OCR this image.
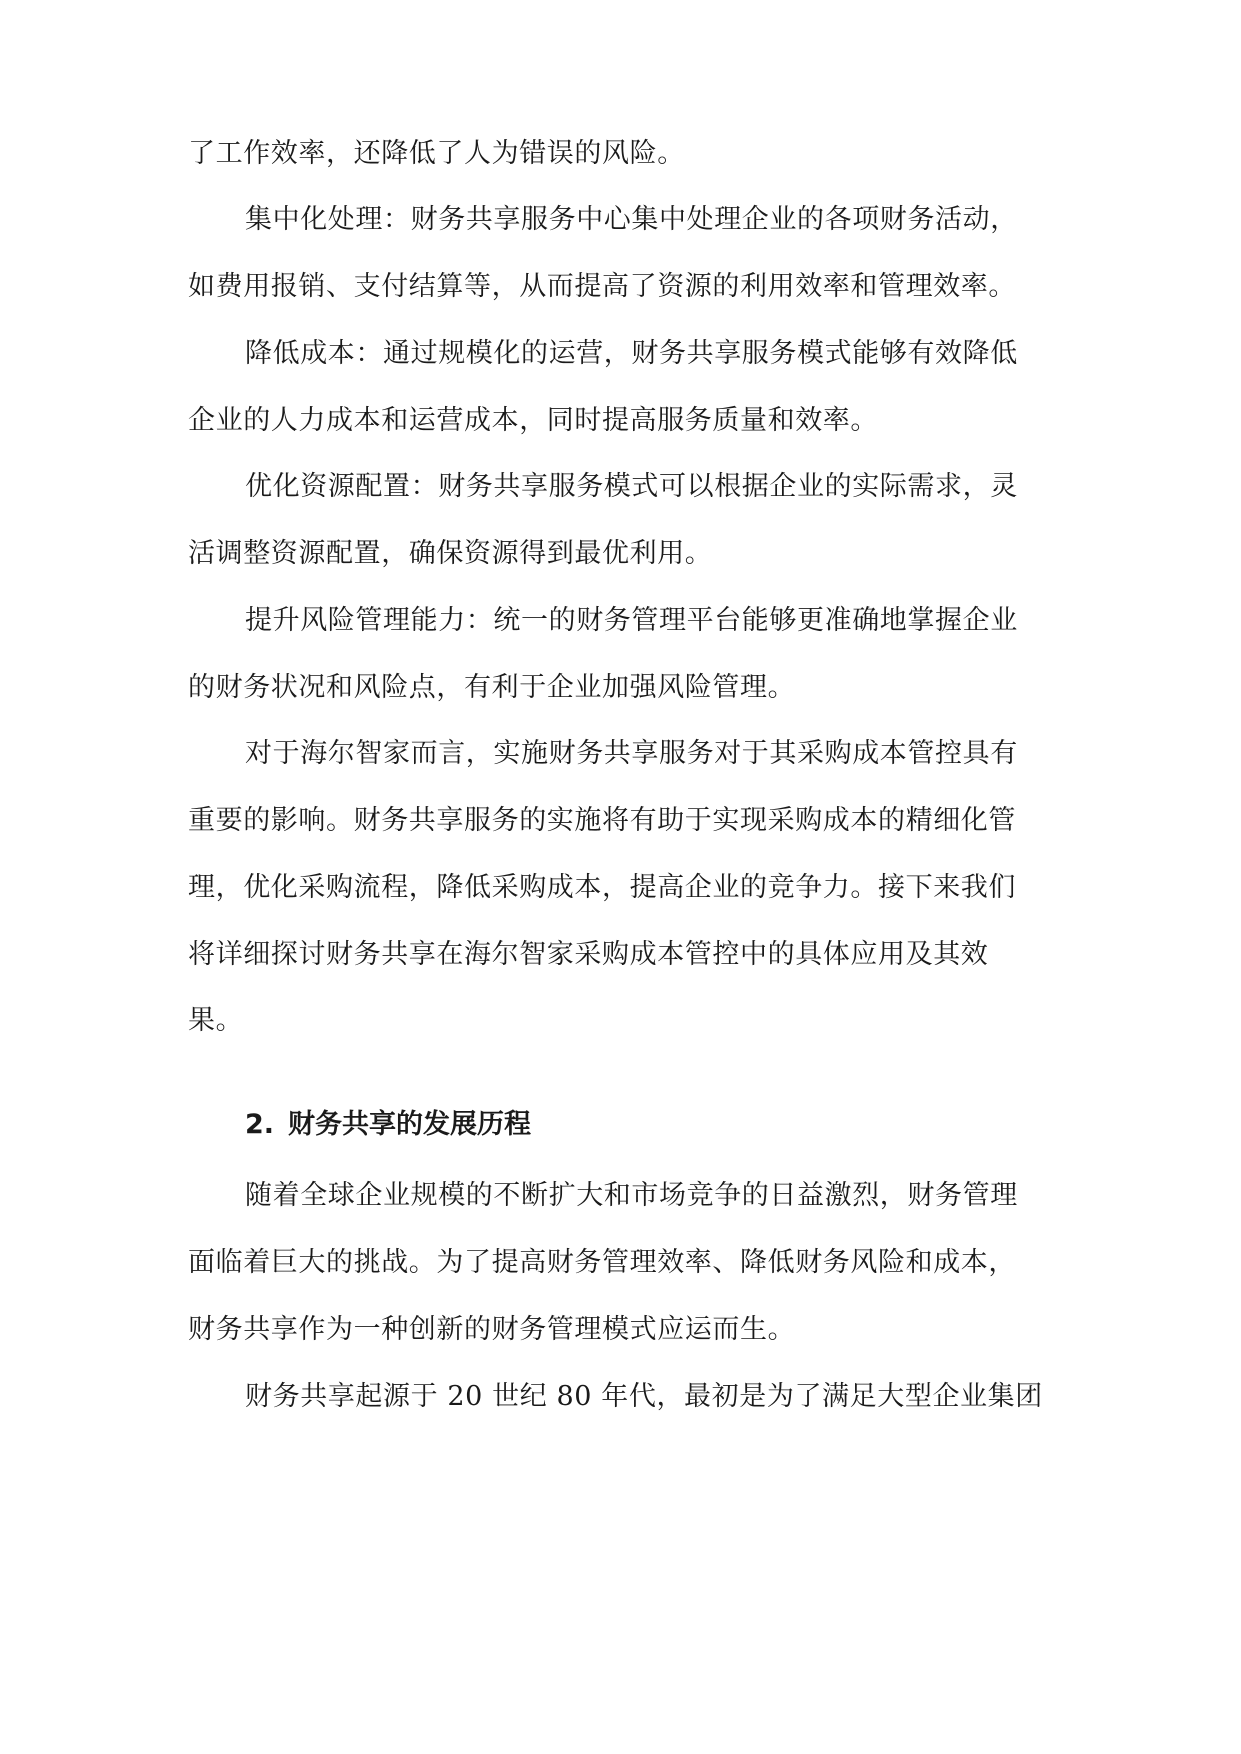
了工作效率，还降低了人为错误的风险。
集中化处理：财务共享服务中心集中处理企业的各项财务活动，
如费用报销、支付结算等，从而提高了资源的利用效率和管理效率。
降低成本：通过规模化的运营，财务共享服务模式能够有效降低
企业的人力成本和运营成本，同时提高服务质量和效率。
优化资源配置：财务共享服务模式可以根据企业的实际需求，灵
活调整资源配置，确保资源得到最优利用。
提升风险管理能力：统一的财务管理平台能够更准确地掌握企业
的财务状况和风险点，有利于企业加强风险管理。
对于海尔智家而言，实施财务共享服务对于其采购成本管控具有
重要的影响。财务共享服务的实施将有助于实现采购成本的精细化管
理，优化采购流程，降低采购成本，提高企业的竞争力。接下来我们
将详细探讨财务共享在海尔智家采购成本管控中的具体应用及其效
果。
2. 财务共享的发展历程
随着全球企业规模的不断扩大和市场竞争的日益激烈，财务管理
面临着巨大的挑战。为了提高财务管理效率、降低财务风险和成本，
财务共享作为一种创新的财务管理模式应运而生。
财务共享起源于 20 世纪 80 年代，最初是为了满足大型企业集团
